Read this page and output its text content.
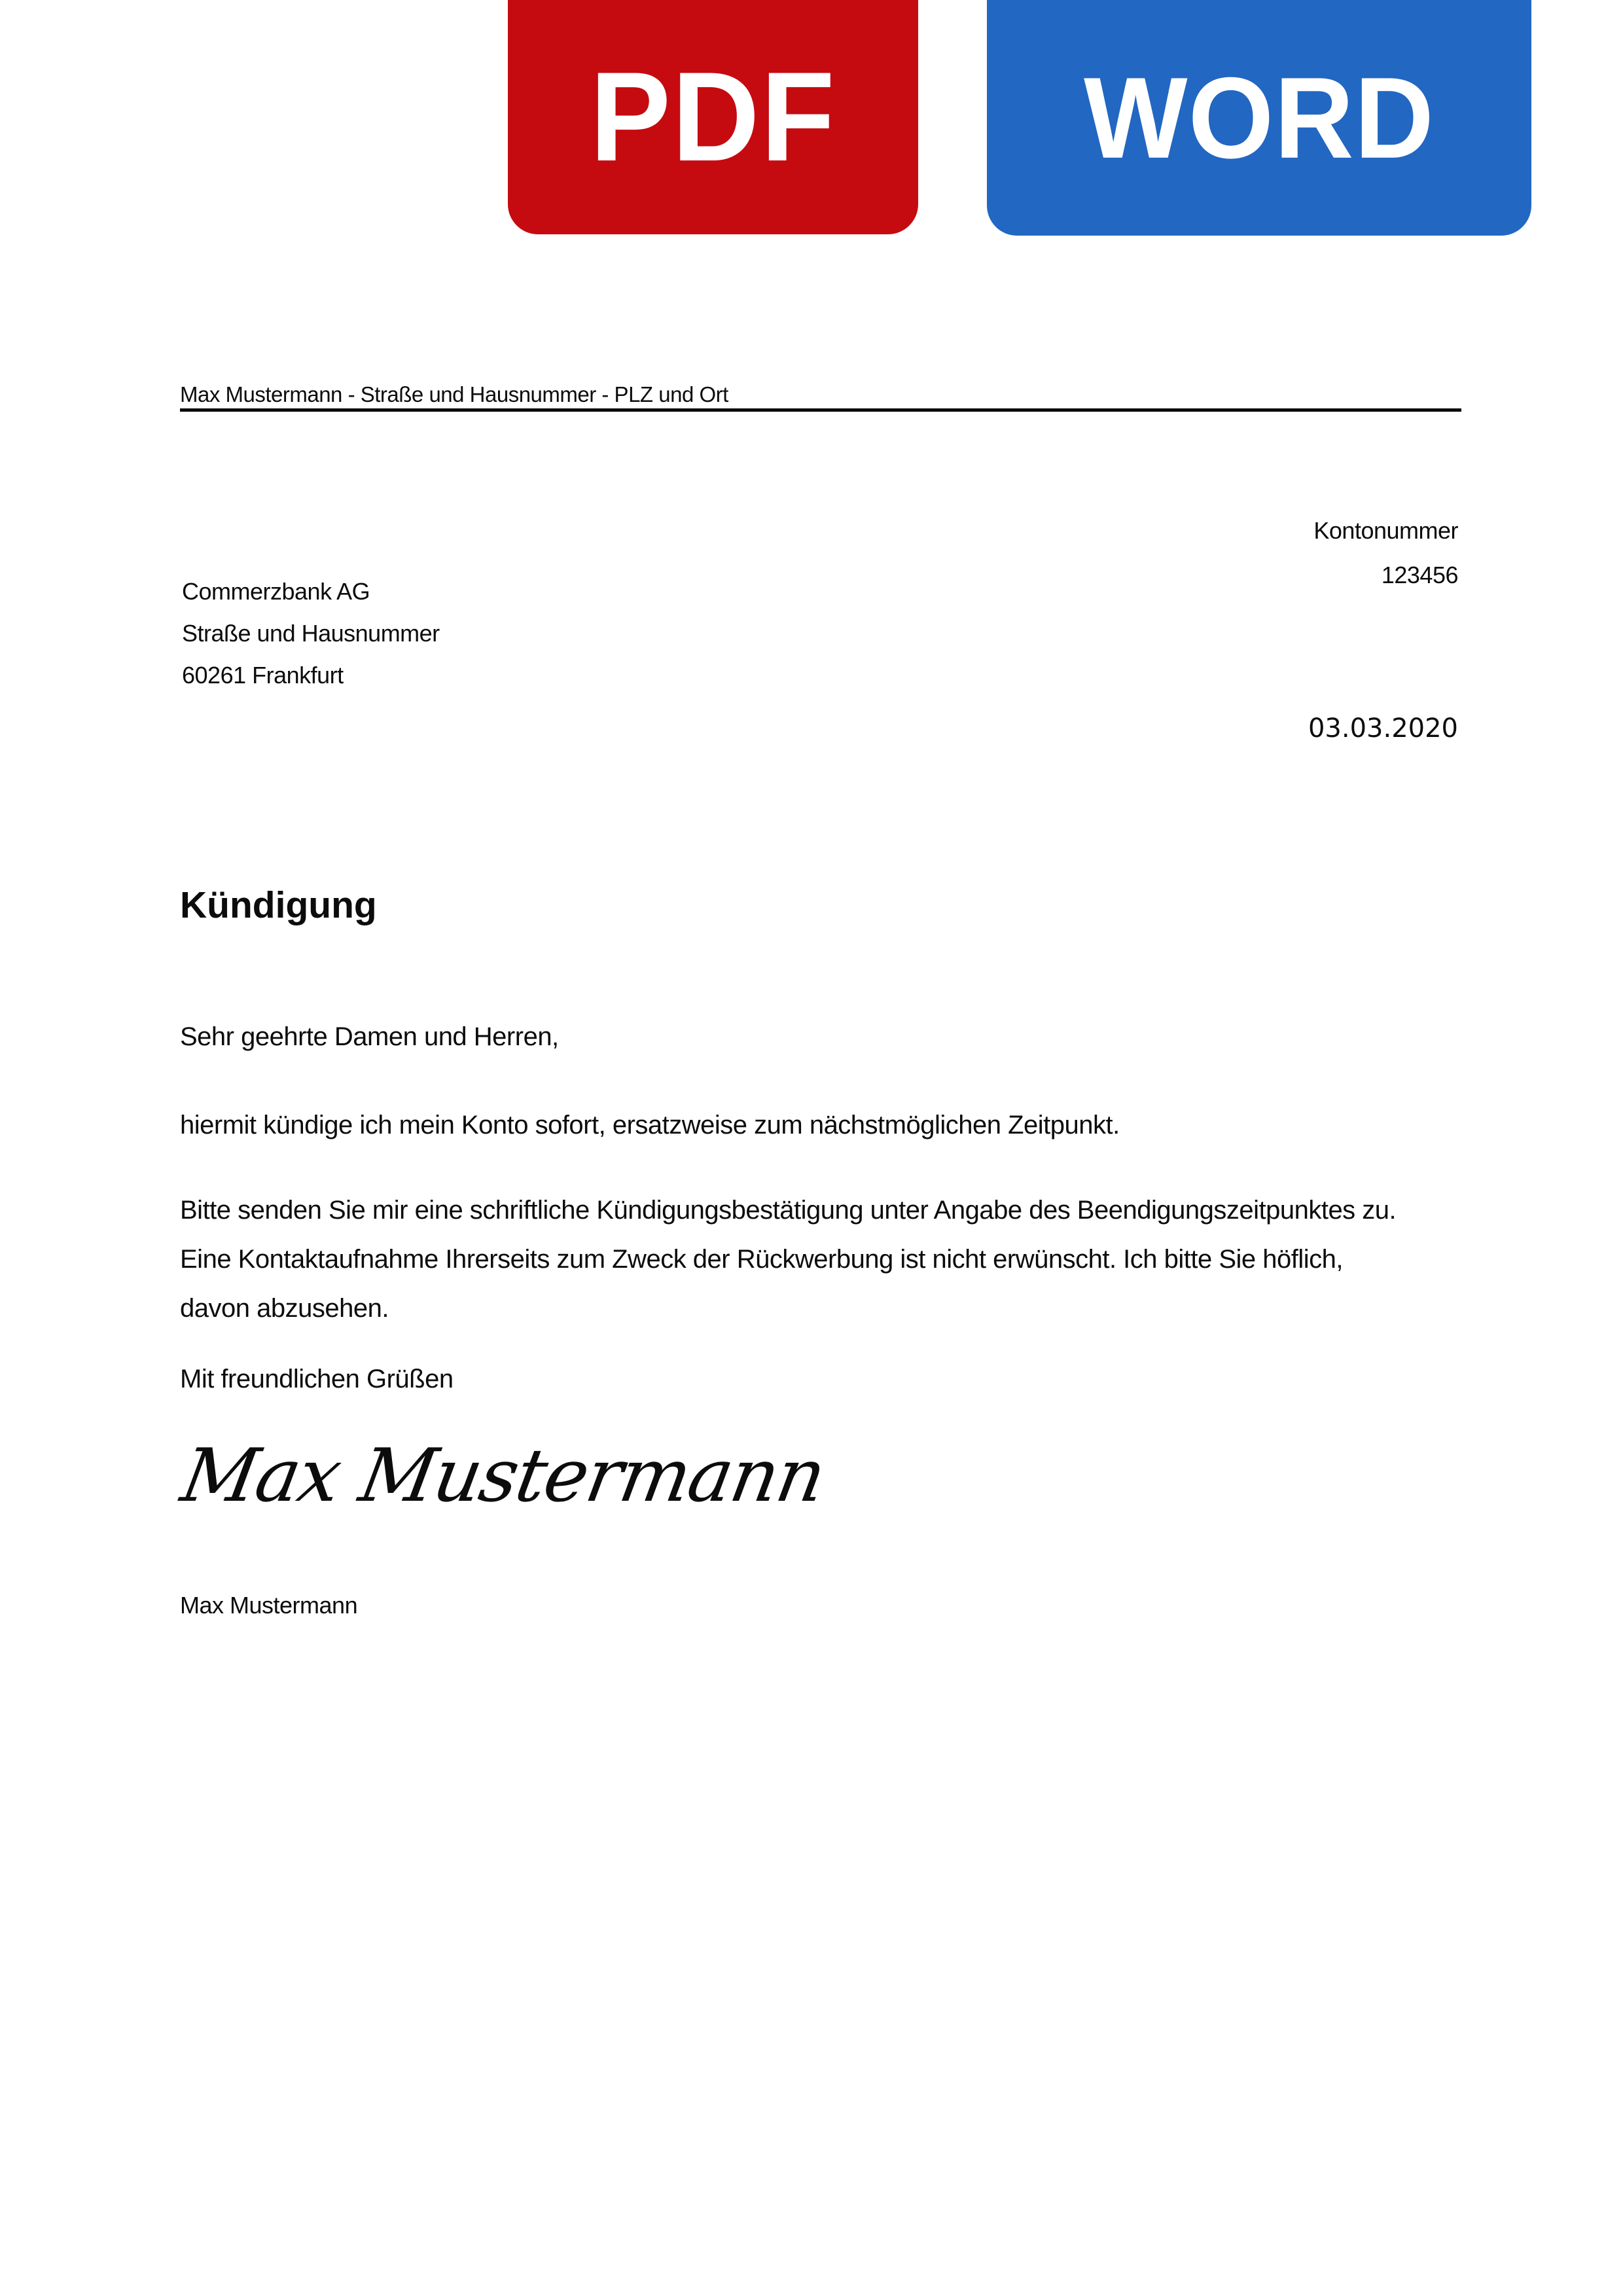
PDF WORD
Max Mustermann - Straße und Hausnummer - PLZ und Ort
Kontonummer
123456
Commerzbank AG
Straße und Hausnummer
60261 Frankfurt
03.03.2020
Kündigung
Sehr geehrte Damen und Herren,
hiermit kündige ich mein Konto sofort, ersatzweise zum nächstmöglichen Zeitpunkt.
Bitte senden Sie mir eine schriftliche Kündigungsbestätigung unter Angabe des Beendigungszeitpunktes zu. Eine Kontaktaufnahme Ihrerseits zum Zweck der Rückwerbung ist nicht erwünscht. Ich bitte Sie höflich, davon abzusehen.
Mit freundlichen Grüßen
Max Mustermann
Max Mustermann
